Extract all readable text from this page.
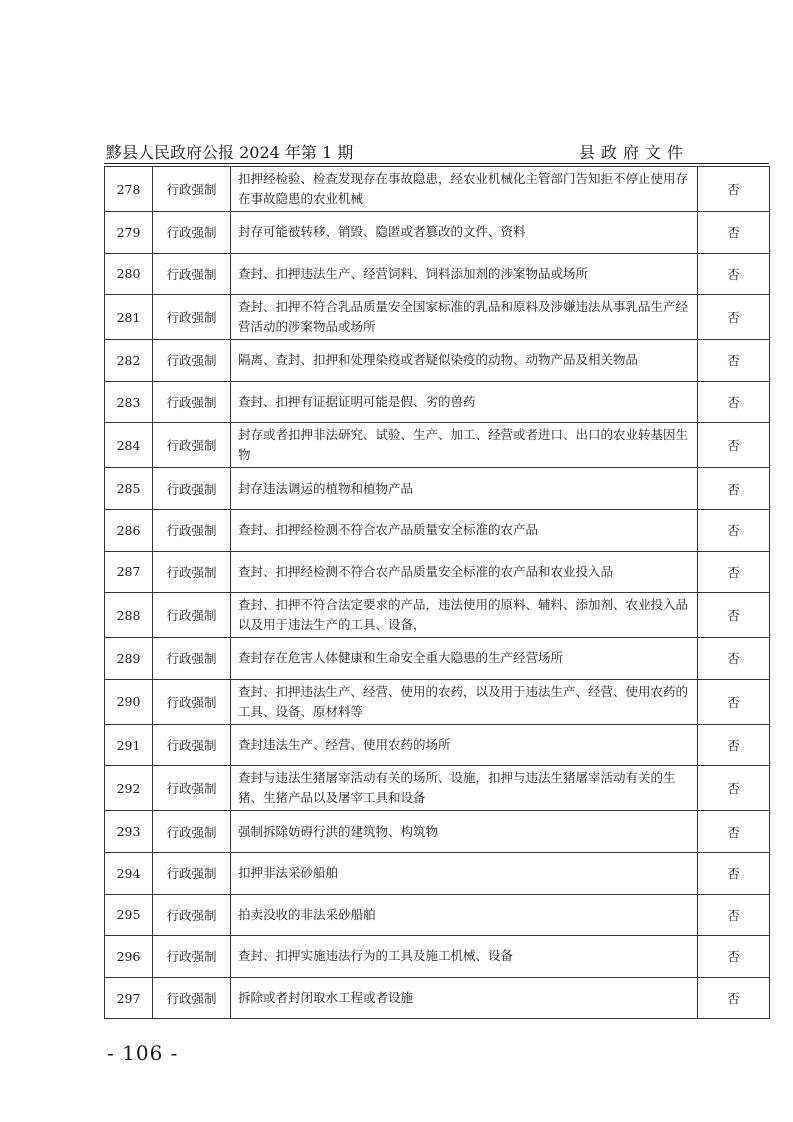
黟县人民政府公报 2024 年第 1 期	县政府文件
278	行政强制	扣押经检验、检查发现存在事故隐患，经农业机械化主管部门告知拒不停止使用存在事故隐患的农业机械	否
279	行政强制	封存可能被转移、销毁、隐匿或者篡改的文件、资料	否
280	行政强制	查封、扣押违法生产、经营饲料、饲料添加剂的涉案物品或场所	否
281	行政强制	查封、扣押不符合乳品质量安全国家标准的乳品和原料及涉嫌违法从事乳品生产经营活动的涉案物品或场所	否
282	行政强制	隔离、查封、扣押和处理染疫或者疑似染疫的动物、动物产品及相关物品	否
283	行政强制	查封、扣押有证据证明可能是假、劣的兽药	否
284	行政强制	封存或者扣押非法研究、试验、生产、加工、经营或者进口、出口的农业转基因生物	否
285	行政强制	封存违法调运的植物和植物产品	否
286	行政强制	查封、扣押经检测不符合农产品质量安全标准的农产品	否
287	行政强制	查封、扣押经检测不符合农产品质量安全标准的农产品和农业投入品	否
288	行政强制	查封、扣押不符合法定要求的产品，违法使用的原料、辅料、添加剂、农业投入品以及用于违法生产的工具、设备，	否
289	行政强制	查封存在危害人体健康和生命安全重大隐患的生产经营场所	否
290	行政强制	查封、扣押违法生产、经营、使用的农药，以及用于违法生产、经营、使用农药的工具、设备、原材料等	否
291	行政强制	查封违法生产、经营、使用农药的场所	否
292	行政强制	查封与违法生猪屠宰活动有关的场所、设施，扣押与违法生猪屠宰活动有关的生猪、生猪产品以及屠宰工具和设备	否
293	行政强制	强制拆除妨碍行洪的建筑物、构筑物	否
294	行政强制	扣押非法采砂船舶	否
295	行政强制	拍卖没收的非法采砂船舶	否
296	行政强制	查封、扣押实施违法行为的工具及施工机械、设备	否
297	行政强制	拆除或者封闭取水工程或者设施	否
- 106 -
